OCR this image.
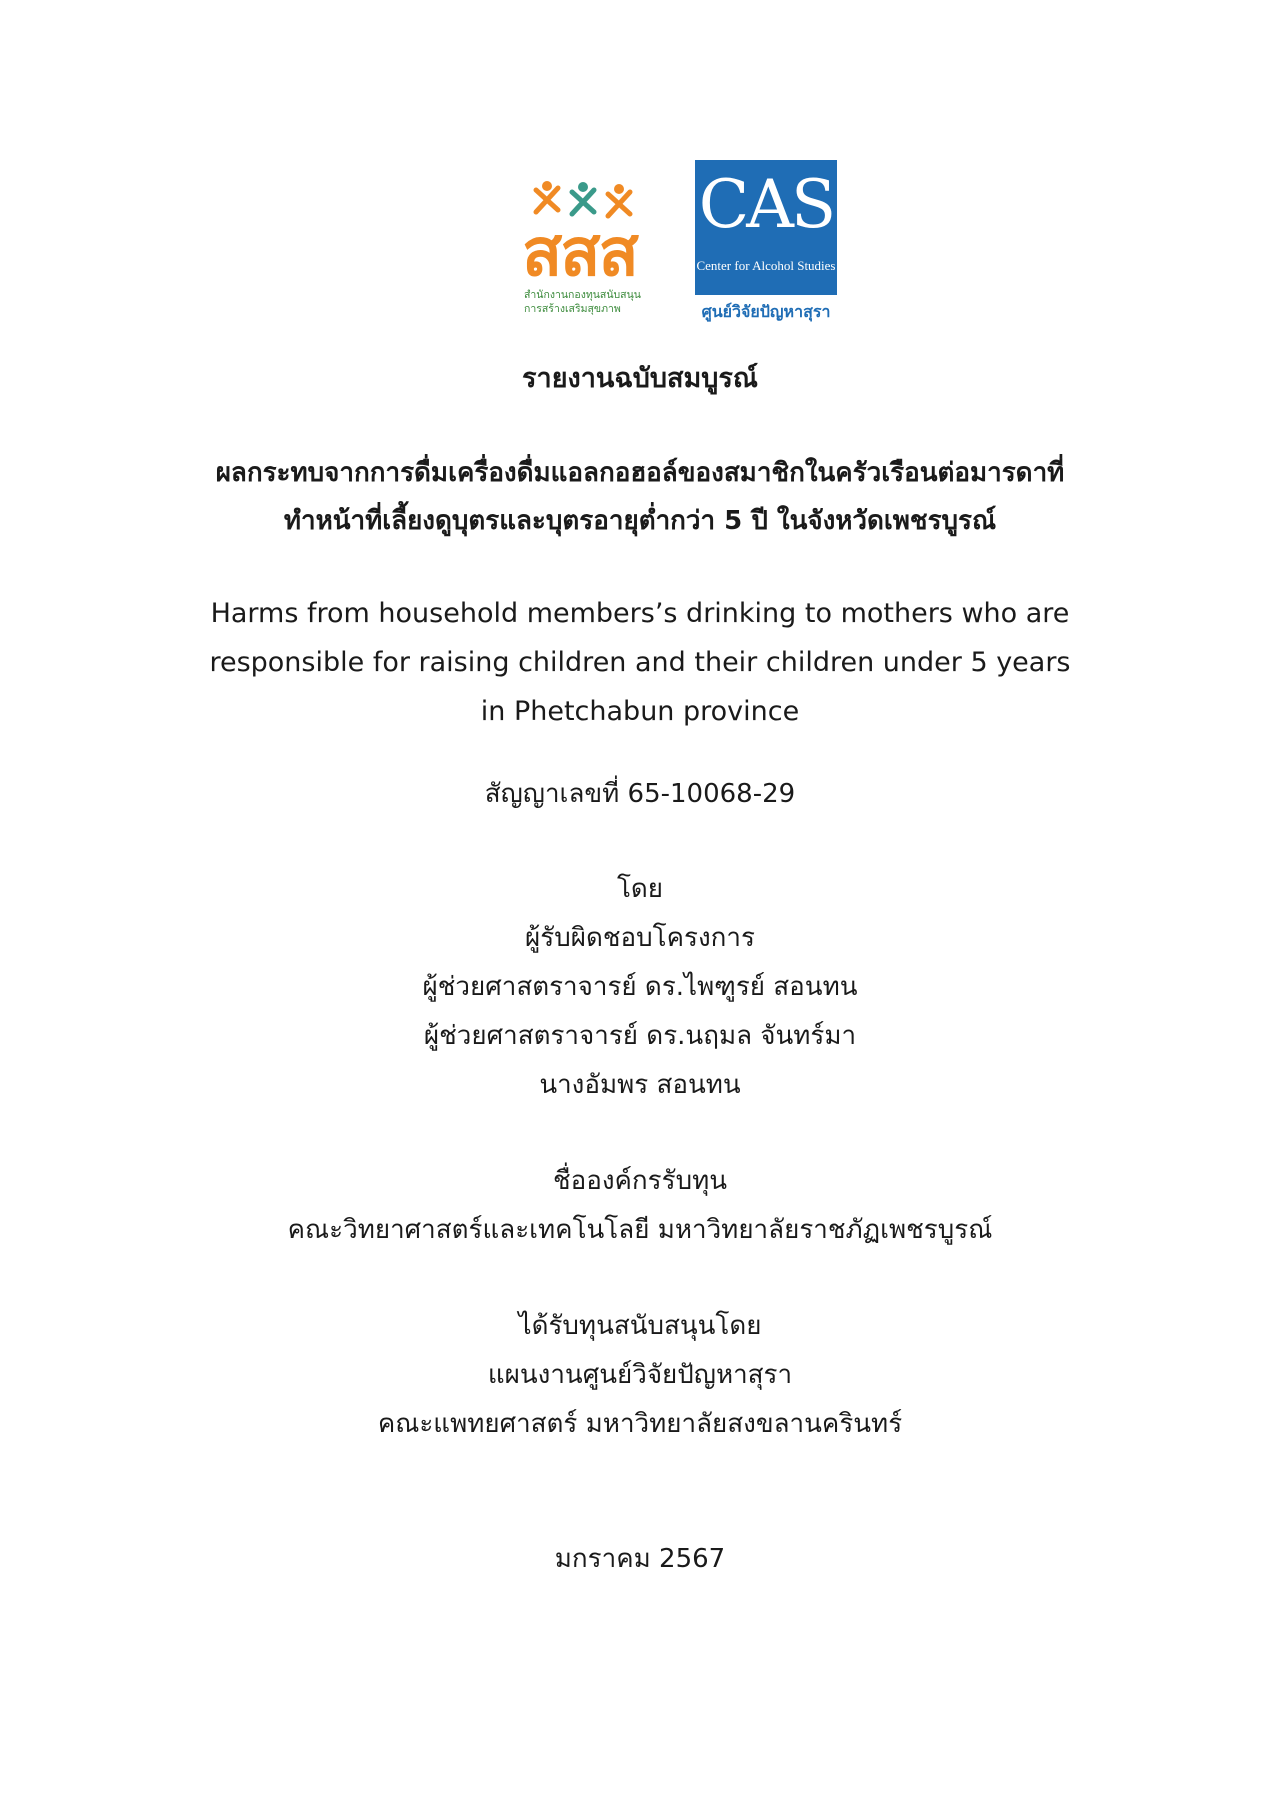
สสส
สำนักงานกองทุนสนับสนุน
การสร้างเสริมสุขภาพ
CAS
Center for Alcohol Studies
ศูนย์วิจัยปัญหาสุรา
รายงานฉบับสมบูรณ์
ผลกระทบจากการดื่มเครื่องดื่มแอลกอฮอล์ของสมาชิกในครัวเรือนต่อมารดาที่
ทำหน้าที่เลี้ยงดูบุตรและบุตรอายุต่ำกว่า 5 ปี ในจังหวัดเพชรบูรณ์
Harms from household members’s drinking to mothers who are
responsible for raising children and their children under 5 years
in Phetchabun province
สัญญาเลขที่ 65-10068-29
โดย
ผู้รับผิดชอบโครงการ
ผู้ช่วยศาสตราจารย์ ดร.ไพฑูรย์ สอนทน
ผู้ช่วยศาสตราจารย์ ดร.นฤมล จันทร์มา
นางอัมพร สอนทน
ชื่อองค์กรรับทุน
คณะวิทยาศาสตร์และเทคโนโลยี มหาวิทยาลัยราชภัฏเพชรบูรณ์
ได้รับทุนสนับสนุนโดย
แผนงานศูนย์วิจัยปัญหาสุรา
คณะแพทยศาสตร์ มหาวิทยาลัยสงขลานครินทร์
มกราคม 2567
